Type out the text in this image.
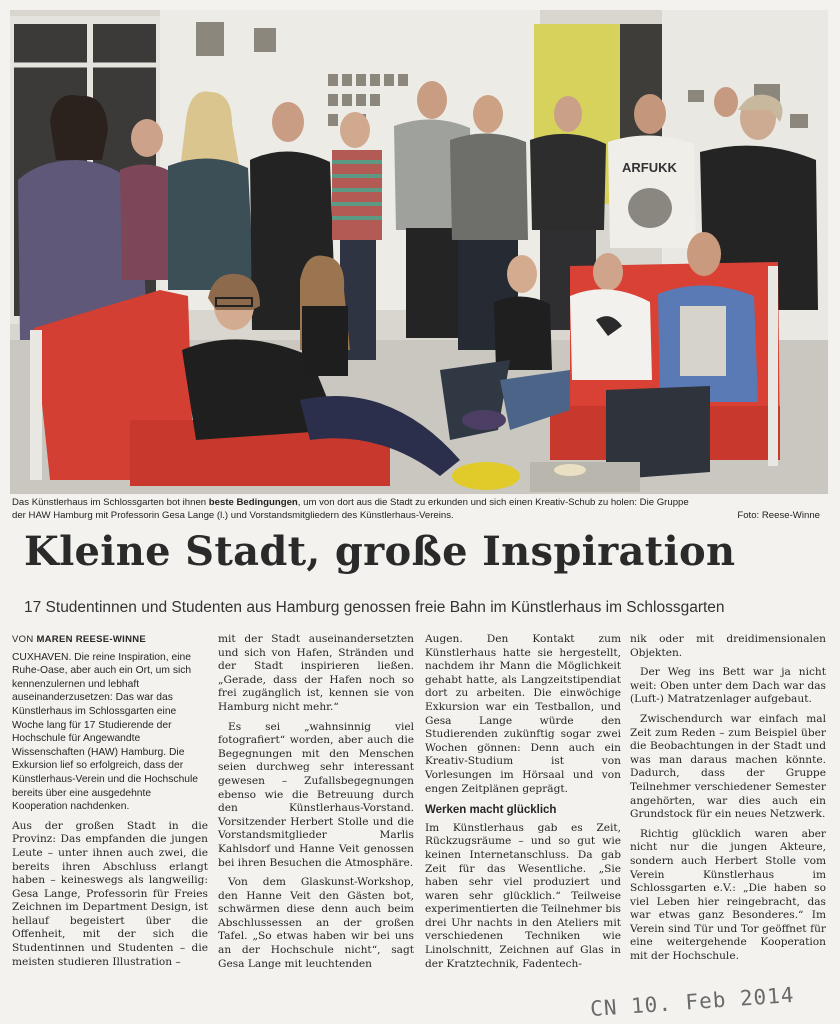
ARFUKK
Das Künstlerhaus im Schlossgarten bot ihnen beste Bedingungen, um von dort aus die Stadt zu erkunden und sich einen Kreativ-Schub zu holen: Die Gruppe
der HAW Hamburg mit Professorin Gesa Lange (l.) und Vorstandsmitgliedern des Künstlerhaus-Vereins.	Foto: Reese-Winne
Kleine Stadt, große Inspiration
17 Studentinnen und Studenten aus Hamburg genossen freie Bahn im Künstlerhaus im Schlossgarten
VON MAREN REESE-WINNE

CUXHAVEN. Die reine Inspiration, eine Ruhe-Oase, aber auch ein Ort, um sich kennenzulernen und lebhaft auseinanderzusetzen: Das war das Künstlerhaus im Schlossgarten eine Woche lang für 17 Studierende der Hochschule für Angewandte Wissenschaften (HAW) Hamburg. Die Exkursion lief so erfolgreich, dass der Künstlerhaus-Verein und die Hochschule bereits über eine ausgedehnte Kooperation nachdenken.

Aus der großen Stadt in die Provinz: Das empfanden die jungen Leute – unter ihnen auch zwei, die bereits ihren Abschluss erlangt haben – keineswegs als langweilig: Gesa Lange, Professorin für Freies Zeichnen im Department Design, ist hellauf begeistert über die Offenheit, mit der sich die Studentinnen und Studenten – die meisten studieren Illustration –

mit der Stadt auseinandersetzten und sich von Hafen, Stränden und der Stadt inspirieren ließen. „Gerade, dass der Hafen noch so frei zugänglich ist, kennen sie von Hamburg nicht mehr.“

Es sei „wahnsinnig viel fotografiert“ worden, aber auch die Begegnungen mit den Menschen seien durchweg sehr interessant gewesen – Zufallsbegegnungen ebenso wie die Betreuung durch den Künstlerhaus-Vorstand. Vorsitzender Herbert Stolle und die Vorstandsmitglieder Marlis Kahlsdorf und Hanne Veit genossen bei ihren Besuchen die Atmosphäre.

Von dem Glaskunst-Workshop, den Hanne Veit den Gästen bot, schwärmen diese denn auch beim Abschlussessen an der großen Tafel. „So etwas haben wir bei uns an der Hochschule nicht“, sagt Gesa Lange mit leuchtenden

Augen. Den Kontakt zum Künstlerhaus hatte sie hergestellt, nachdem ihr Mann die Möglichkeit gehabt hatte, als Langzeitstipendiat dort zu arbeiten. Die einwöchige Exkursion war ein Testballon, und Gesa Lange würde den Studierenden zukünftig sogar zwei Wochen gönnen: Denn auch ein Kreativ-Studium ist von Vorlesungen im Hörsaal und von engen Zeitplänen geprägt.

Werken macht glücklich

Im Künstlerhaus gab es Zeit, Rückzugsräume – und so gut wie keinen Internetanschluss. Da gab Zeit für das Wesentliche. „Sie haben sehr viel produziert und waren sehr glücklich.“ Teilweise experimentierten die Teilnehmer bis drei Uhr nachts in den Ateliers mit verschiedenen Techniken wie Linolschnitt, Zeichnen auf Glas in der Kratztechnik, Fadentech-

nik oder mit dreidimensionalen Objekten.

Der Weg ins Bett war ja nicht weit: Oben unter dem Dach war das (Luft-) Matratzenlager aufgebaut.

Zwischendurch war einfach mal Zeit zum Reden – zum Beispiel über die Beobachtungen in der Stadt und was man daraus machen könnte. Dadurch, dass der Gruppe Teilnehmer verschiedener Semester angehörten, war dies auch ein Grundstock für ein neues Netzwerk.

Richtig glücklich waren aber nicht nur die jungen Akteure, sondern auch Herbert Stolle vom Verein Künstlerhaus im Schlossgarten e.V.: „Die haben so viel Leben hier reingebracht, das war etwas ganz Besonderes.“ Im Verein sind Tür und Tor geöffnet für eine weitergehende Kooperation mit der Hochschule.

CN 10. Feb 2014
